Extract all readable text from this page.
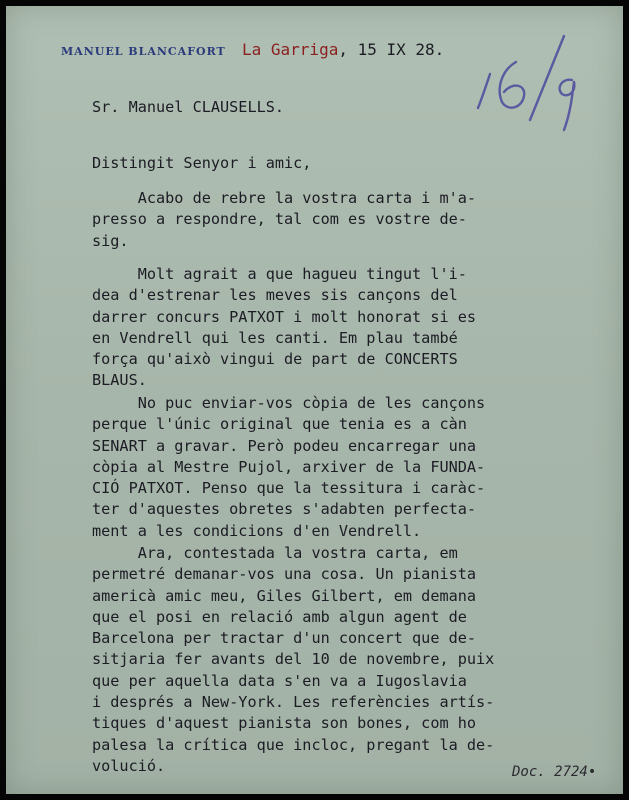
MANUEL BLANCAFORT La Garriga, 15 IX 28.
16/9
Sr. Manuel CLAUSELLS.
Distingit Senyor i amic,
Acabo de rebre la vostra carta i m'a-
presso a respondre, tal com es vostre de-
sig.
Molt agrait a que hagueu tingut l'i-
dea d'estrenar les meves sis cançons del
darrer concurs PATXOT i molt honorat si es
en Vendrell qui les canti. Em plau també
força qu'això vingui de part de CONCERTS
BLAUS.
No puc enviar-vos còpia de les cançons
perque l'únic original que tenia es a càn
SENART a gravar. Però podeu encarregar una
còpia al Mestre Pujol, arxiver de la FUNDA-
CIÓ PATXOT. Penso que la tessitura i caràc-
ter d'aquestes obretes s'adabten perfecta-
ment a les condicions d'en Vendrell.
Ara, contestada la vostra carta, em
permetré demanar-vos una cosa. Un pianista
americà amic meu, Giles Gilbert, em demana
que el posi en relació amb algun agent de
Barcelona per tractar d'un concert que de-
sitjaria fer avants del 10 de novembre, puix
que per aquella data s'en va a Iugoslavia
i després a New-York. Les referències artís-
tiques d'aquest pianista son bones, com ho
palesa la crítica que incloc, pregant la de-
volució.	Doc. 2724•
